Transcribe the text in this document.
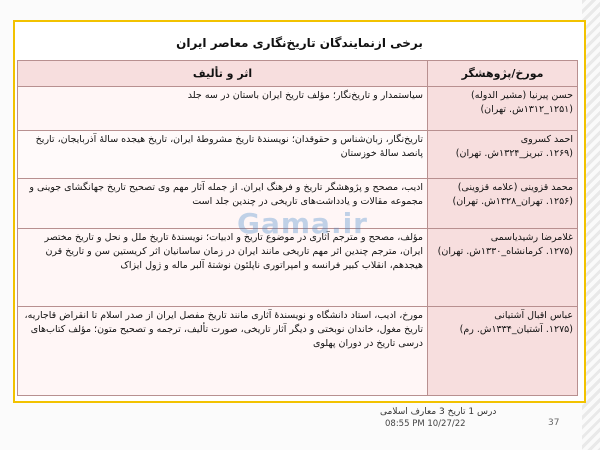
برخی ازنمایندگان تاریخ‌نگاری معاصر ایران
مورخ/پژوهشگر	اثر و تألیف

حسن پیرنیا (مشیر الدوله)
(۱۲۵۱_۱۳۱۲ش. تهران)	سیاستمدار و تاریخ‌نگار؛ مؤلف تاریخ ایران باستان در سه جلد

احمد کسروی
(۱۲۶۹. تبریز_۱۳۲۴ش. تهران)	تاریخ‌نگار، زبان‌شناس و حقوقدان؛ نویسندهٔ تاریخ مشروطهٔ ایران، تاریخ هیجده سالهٔ آذربایجان، تاریخ پانصد سالهٔ خوزستان

محمد قزوینی (علامه قزوینی)
(۱۲۵۶. تهران_۱۳۲۸ش. تهران)	ادیب، مصحح و پژوهشگر تاریخ و فرهنگ ایران. از جمله آثار مهم وی تصحیح تاریخ جهانگشای جوینی و مجموعه مقالات و یادداشت‌های تاریخی در چندین جلد است

غلامرضا رشیدیاسمی
(۱۲۷۵. کرمانشاه_۱۳۳۰ش. تهران)	مؤلف، مصحح و مترجم آثاری در موضوع تاریخ و ادبیات؛ نویسندهٔ تاریخ ملل و نحل و تاریخ مختصر ایران، مترجم چندین اثر مهم تاریخی مانند ایران در زمان ساسانیان اثر کریستین سن و تاریخ قرن هیجدهم، انقلاب کبیر فرانسه و امپراتوری ناپلئون نوشتهٔ آلبر ماله و ژول ایزاک

عباس اقبال آشتیانی
(۱۲۷۵. آشتیان_۱۳۳۴ش. رم)	مورخ، ادیب، استاد دانشگاه و نویسندهٔ آثاری مانند تاریخ مفصل ایران از صدر اسلام تا انقراض قاجاریه، تاریخ مغول، خاندان نوبختی و دیگر آثار تاریخی، صورت تألیف، ترجمه و تصحیح متون؛ مؤلف کتاب‌های درسی تاریخ در دوران پهلوی
Gama.ir
درس 1 تاریخ 3 معارف اسلامی
08:55 PM 10/27/22	37
